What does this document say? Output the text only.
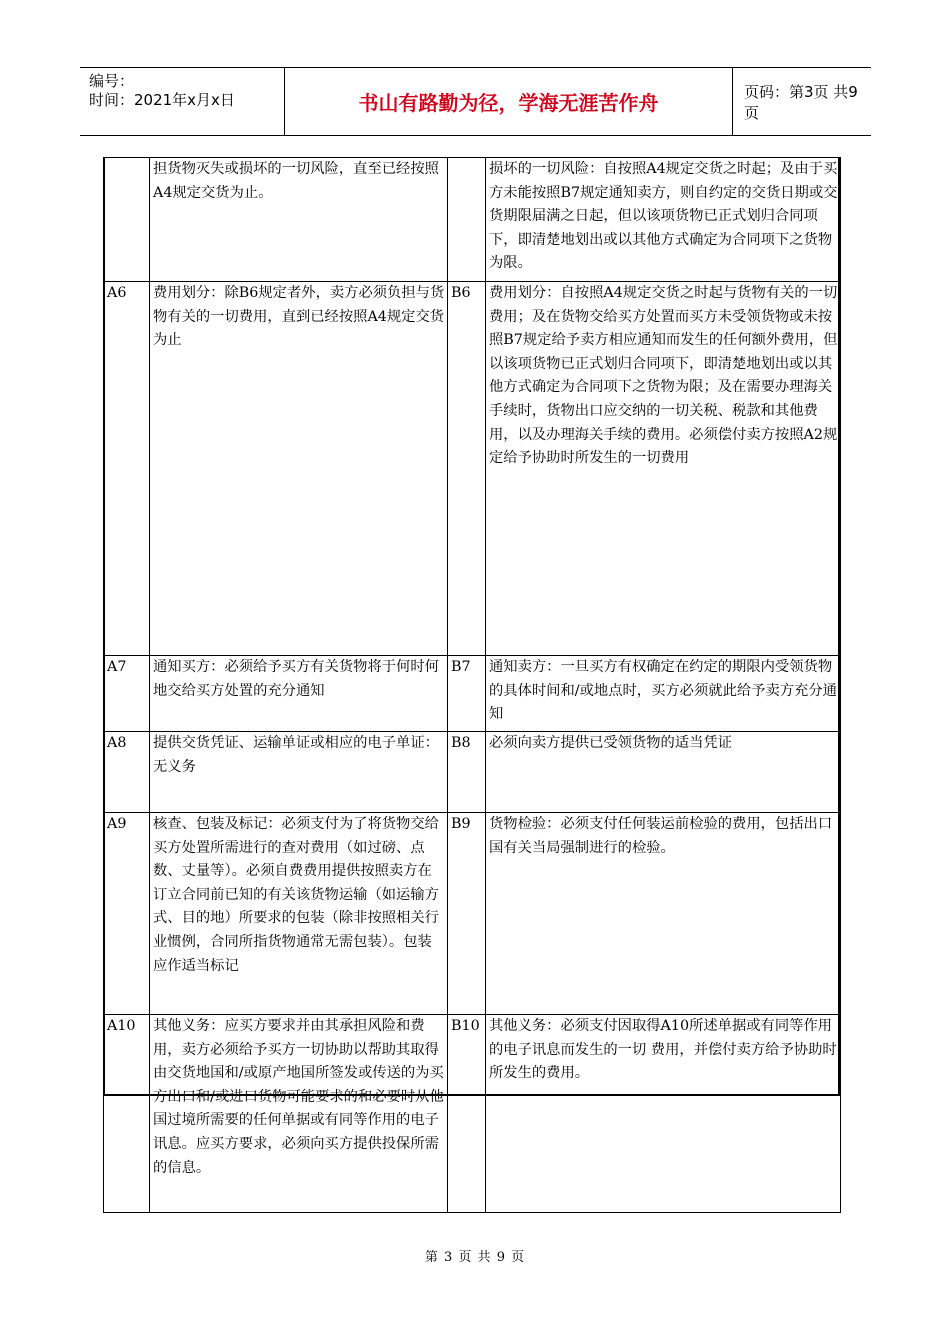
编号：
时间：2021年x月x日	书山有路勤为径，学海无涯苦作舟	页码：第3页 共9页
	担货物灭失或损坏的一切风险，直至已经按照A4规定交货为止。		损坏的一切风险：自按照A4规定交货之时起；及由于买方未能按照B7规定通知卖方，则自约定的交货日期或交货期限届满之日起，但以该项货物已正式划归合同项下，即清楚地划出或以其他方式确定为合同项下之货物为限。
A6	费用划分：除B6规定者外，卖方必须负担与货物有关的一切费用，直到已经按照A4规定交货为止	B6	费用划分：自按照A4规定交货之时起与货物有关的一切费用；及在货物交给买方处置而买方未受领货物或未按照B7规定给予卖方相应通知而发生的任何额外费用，但以该项货物已正式划归合同项下，即清楚地划出或以其他方式确定为合同项下之货物为限；及在需要办理海关手续时，货物出口应交纳的一切关税、税款和其他费用，以及办理海关手续的费用。必须偿付卖方按照A2规定给予协助时所发生的一切费用
A7	通知买方：必须给予买方有关货物将于何时何地交给买方处置的充分通知	B7	通知卖方：一旦买方有权确定在约定的期限内受领货物的具体时间和/或地点时，买方必须就此给予卖方充分通知
A8	提供交货凭证、运输单证或相应的电子单证：无义务	B8	必须向卖方提供已受领货物的适当凭证
A9	核查、包装及标记：必须支付为了将货物交给买方处置所需进行的查对费用（如过磅、点数、丈量等）。必须自费费用提供按照卖方在订立合同前已知的有关该货物运输（如运输方式、目的地）所要求的包装（除非按照相关行业惯例，合同所指货物通常无需包装）。包装应作适当标记	B9	货物检验：必须支付任何装运前检验的费用，包括出口国有关当局强制进行的检验。
A10	其他义务：应买方要求并由其承担风险和费用，卖方必须给予买方一切协助以帮助其取得由交货地国和/或原产地国所签发或传送的为买方出口和/或进口货物可能要求的和必要时从他国过境所需要的任何单据或有同等作用的电子讯息。应买方要求，必须向买方提供投保所需的信息。	B10	其他义务：必须支付因取得A10所述单据或有同等作用的电子讯息而发生的一切 费用，并偿付卖方给予协助时所发生的费用。
第 3 页 共 9 页
